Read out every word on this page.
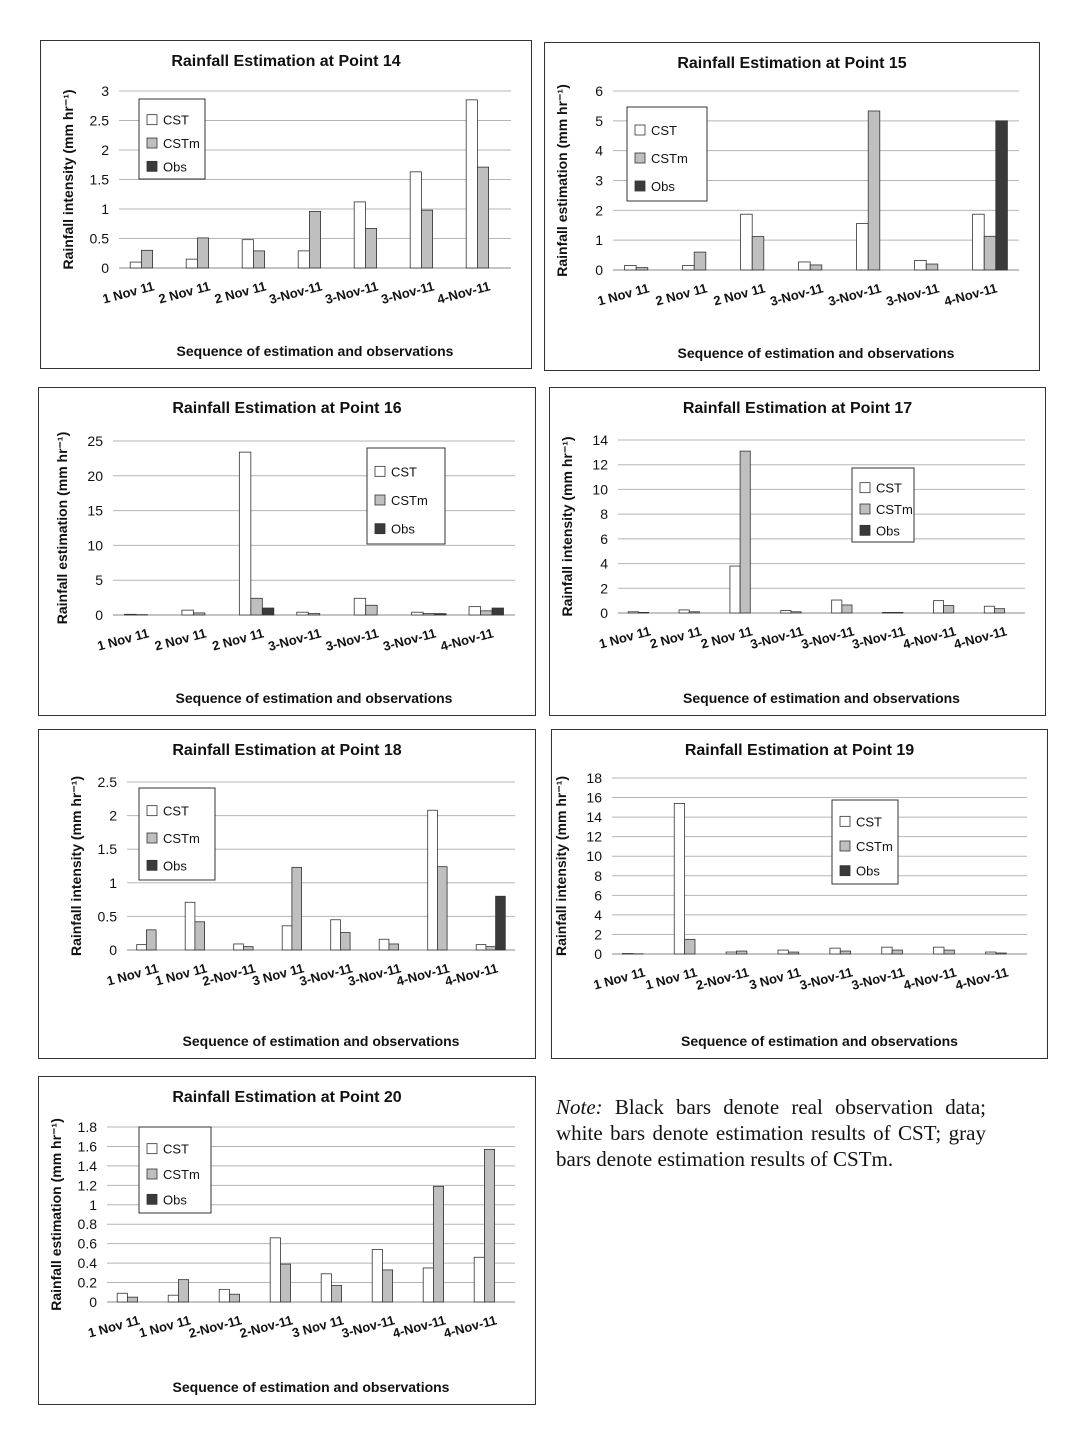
Rainfall Estimation at Point 14
0
0.5
1
1.5
2
2.5
3
Rainfall intensity (mm hr⁻¹)
Sequence of estimation and observations
1 Nov 11 2 Nov 11 2 Nov 11 3-Nov-11 3-Nov-11 3-Nov-11 4-Nov-11
CST
CSTm
Obs
Rainfall Estimation at Point 15
0
1
2
3
4
5
6
Rainfall estimation (mm hr⁻¹)
Sequence of estimation and observations
1 Nov 11 2 Nov 11 2 Nov 11 3-Nov-11 3-Nov-11 3-Nov-11 4-Nov-11
CST
CSTm
Obs
Rainfall Estimation at Point 16
0
5
10
15
20
25
Rainfall estimation (mm hr⁻¹)
Sequence of estimation and observations
1 Nov 11 2 Nov 11 2 Nov 11 3-Nov-11 3-Nov-11 3-Nov-11 4-Nov-11
CST
CSTm
Obs
Rainfall Estimation at Point 17
0
2
4
6
8
10
12
14
Rainfall intensity (mm hr⁻¹)
Sequence of estimation and observations
1 Nov 11
2 Nov 11
2 Nov 11
3-Nov-11
3-Nov-11
3-Nov-11
4-Nov-11
4-Nov-11
CST
CSTm
Obs
Rainfall Estimation at Point 18
0
0.5
1
1.5
2
2.5
Rainfall intensity (mm hr⁻¹)
Sequence of estimation and observations
1 Nov 11
1 Nov 11
2-Nov-11
3 Nov 11
3-Nov-11
3-Nov-11
4-Nov-11
4-Nov-11
CST
CSTm
Obs
Rainfall Estimation at Point 19
0
2
4
6
8
10
12
14
16
18
Rainfall intensity (mm hr⁻¹)
Sequence of estimation and observations
1 Nov 11
1 Nov 11
2-Nov-11
3 Nov 11
3-Nov-11
3-Nov-11
4-Nov-11
4-Nov-11
CST
CSTm
Obs
Rainfall Estimation at Point 20
0
0.2
0.4
0.6
0.8
1
1.2
1.4
1.6
1.8
Rainfall estimation (mm hr⁻¹)
Sequence of estimation and observations
1 Nov 11
1 Nov 11
2-Nov-11
2-Nov-11
3 Nov 11
3-Nov-11
4-Nov-11
4-Nov-11
CST
CSTm
Obs
Note: Black bars denote real observation data; white bars denote estimation results of CST; gray bars denote estimation results of CSTm.
